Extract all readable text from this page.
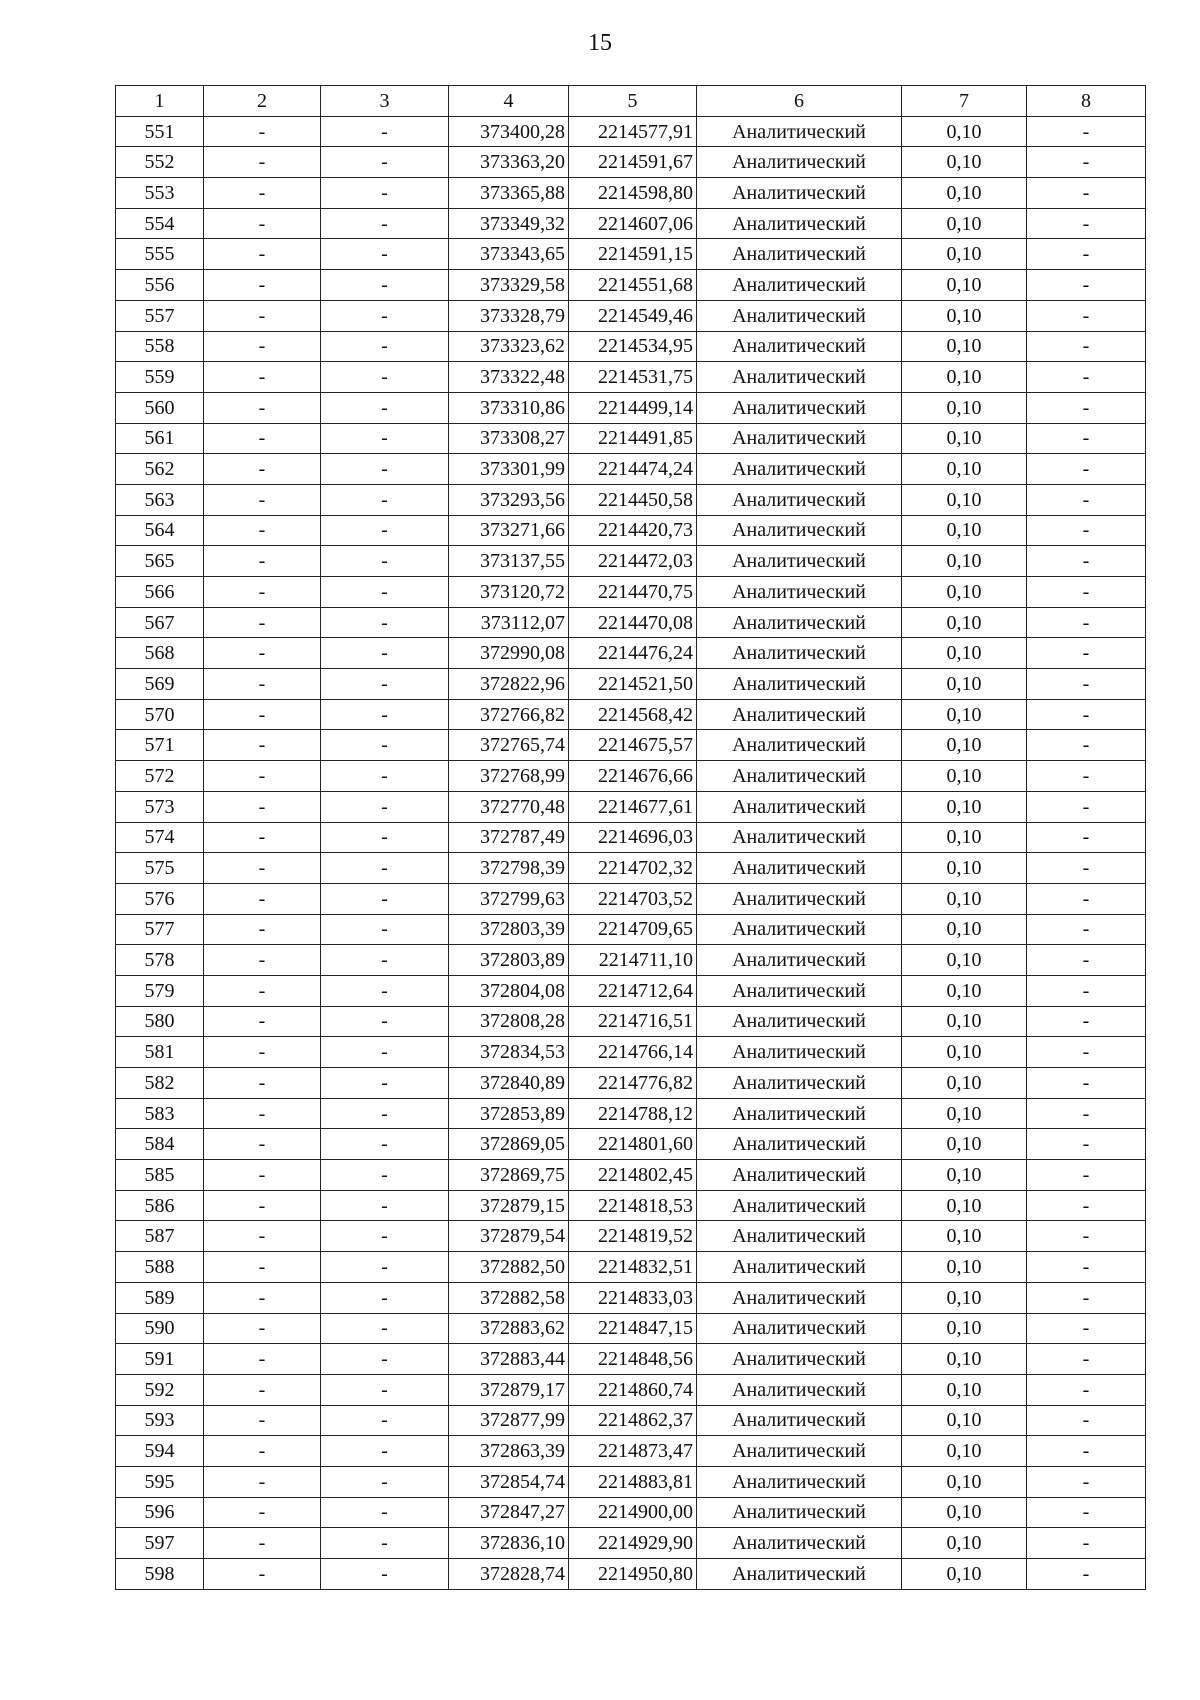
15
1	2	3	4	5	6	7	8
551	-	-	373400,28	2214577,91	Аналитический	0,10	-
552	-	-	373363,20	2214591,67	Аналитический	0,10	-
553	-	-	373365,88	2214598,80	Аналитический	0,10	-
554	-	-	373349,32	2214607,06	Аналитический	0,10	-
555	-	-	373343,65	2214591,15	Аналитический	0,10	-
556	-	-	373329,58	2214551,68	Аналитический	0,10	-
557	-	-	373328,79	2214549,46	Аналитический	0,10	-
558	-	-	373323,62	2214534,95	Аналитический	0,10	-
559	-	-	373322,48	2214531,75	Аналитический	0,10	-
560	-	-	373310,86	2214499,14	Аналитический	0,10	-
561	-	-	373308,27	2214491,85	Аналитический	0,10	-
562	-	-	373301,99	2214474,24	Аналитический	0,10	-
563	-	-	373293,56	2214450,58	Аналитический	0,10	-
564	-	-	373271,66	2214420,73	Аналитический	0,10	-
565	-	-	373137,55	2214472,03	Аналитический	0,10	-
566	-	-	373120,72	2214470,75	Аналитический	0,10	-
567	-	-	373112,07	2214470,08	Аналитический	0,10	-
568	-	-	372990,08	2214476,24	Аналитический	0,10	-
569	-	-	372822,96	2214521,50	Аналитический	0,10	-
570	-	-	372766,82	2214568,42	Аналитический	0,10	-
571	-	-	372765,74	2214675,57	Аналитический	0,10	-
572	-	-	372768,99	2214676,66	Аналитический	0,10	-
573	-	-	372770,48	2214677,61	Аналитический	0,10	-
574	-	-	372787,49	2214696,03	Аналитический	0,10	-
575	-	-	372798,39	2214702,32	Аналитический	0,10	-
576	-	-	372799,63	2214703,52	Аналитический	0,10	-
577	-	-	372803,39	2214709,65	Аналитический	0,10	-
578	-	-	372803,89	2214711,10	Аналитический	0,10	-
579	-	-	372804,08	2214712,64	Аналитический	0,10	-
580	-	-	372808,28	2214716,51	Аналитический	0,10	-
581	-	-	372834,53	2214766,14	Аналитический	0,10	-
582	-	-	372840,89	2214776,82	Аналитический	0,10	-
583	-	-	372853,89	2214788,12	Аналитический	0,10	-
584	-	-	372869,05	2214801,60	Аналитический	0,10	-
585	-	-	372869,75	2214802,45	Аналитический	0,10	-
586	-	-	372879,15	2214818,53	Аналитический	0,10	-
587	-	-	372879,54	2214819,52	Аналитический	0,10	-
588	-	-	372882,50	2214832,51	Аналитический	0,10	-
589	-	-	372882,58	2214833,03	Аналитический	0,10	-
590	-	-	372883,62	2214847,15	Аналитический	0,10	-
591	-	-	372883,44	2214848,56	Аналитический	0,10	-
592	-	-	372879,17	2214860,74	Аналитический	0,10	-
593	-	-	372877,99	2214862,37	Аналитический	0,10	-
594	-	-	372863,39	2214873,47	Аналитический	0,10	-
595	-	-	372854,74	2214883,81	Аналитический	0,10	-
596	-	-	372847,27	2214900,00	Аналитический	0,10	-
597	-	-	372836,10	2214929,90	Аналитический	0,10	-
598	-	-	372828,74	2214950,80	Аналитический	0,10	-
